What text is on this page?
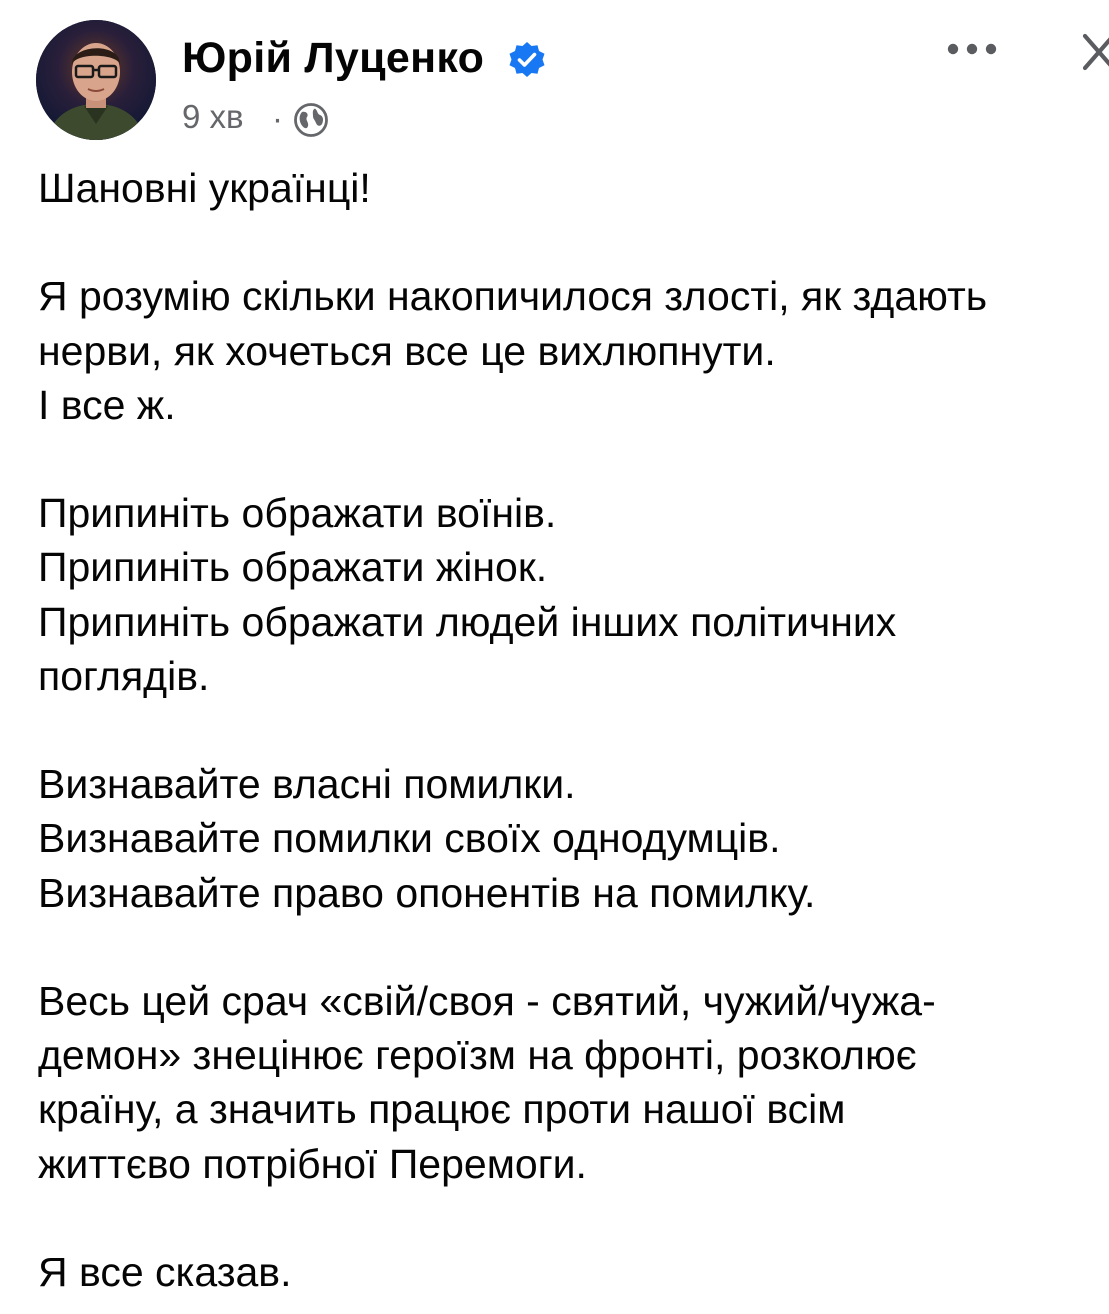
Юрій Луценко
9 хв ·
Шановні українці!
Я розумію скільки накопичилося злості, як здають
нерви, як хочеться все це вихлюпнути.
І все ж.
Припиніть ображати воїнів.
Припиніть ображати жінок.
Припиніть ображати людей інших політичних
поглядів.
Визнавайте власні помилки.
Визнавайте помилки своїх однодумців.
Визнавайте право опонентів на помилку.
Весь цей срач «свій/своя - святий, чужий/чужа-
демон» знецінює героїзм на фронті, розколює
країну, а значить працює проти нашої всім
життєво потрібної Перемоги.
Я все сказав.
